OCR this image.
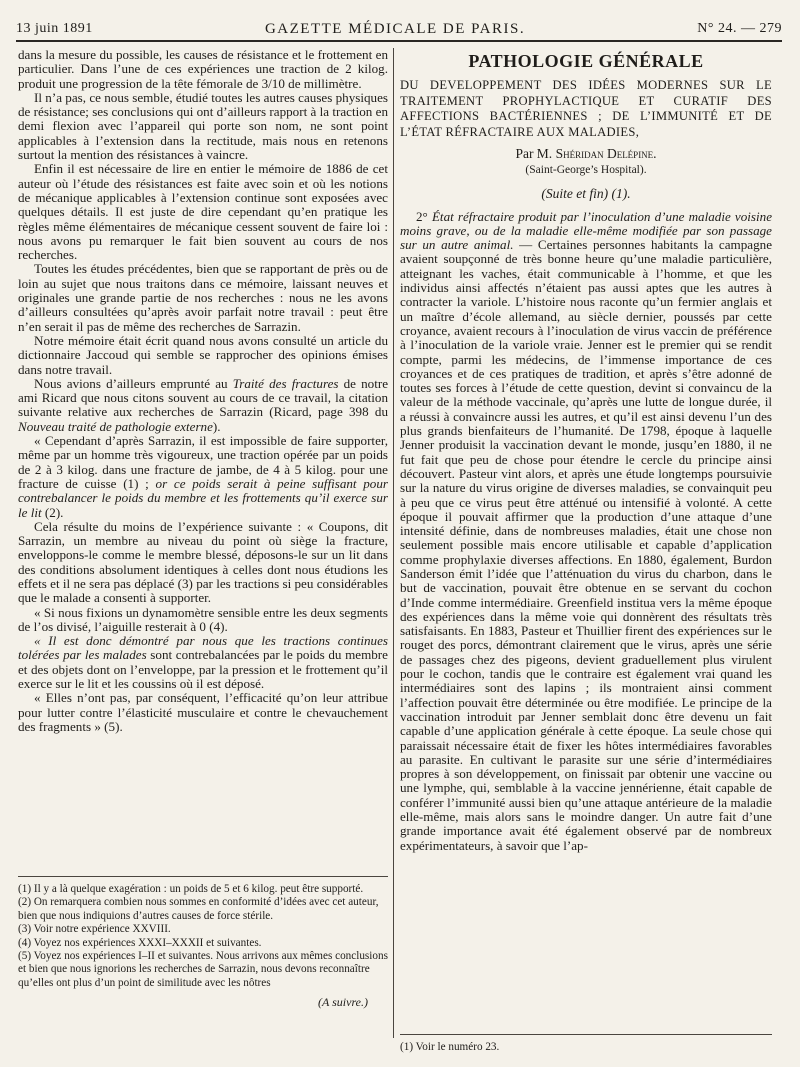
13 juin 1891	GAZETTE MÉDICALE DE PARIS.	N° 24. — 279

dans la mesure du possible, les causes de résistance et le frottement en particulier. Dans l’une de ces expériences une traction de 2 kilog. produit une progression de la tête fémorale de 3/10 de millimètre.

Il n’a pas, ce nous semble, étudié toutes les autres causes physiques de résistance; ses conclusions qui ont d’ailleurs rapport à la traction en demi flexion avec l’appareil qui porte son nom, ne sont point applicables à l’extension dans la rectitude, mais nous en retenons surtout la mention des résistances à vaincre.

Enfin il est nécessaire de lire en entier le mémoire de 1886 de cet auteur où l’étude des résistances est faite avec soin et où les notions de mécanique applicables à l’extension continue sont exposées avec quelques détails. Il est juste de dire cependant qu’en pratique les règles même élémentaires de mécanique cessent souvent de faire loi : nous avons pu remarquer le fait bien souvent au cours de nos recherches.

Toutes les études précédentes, bien que se rapportant de près ou de loin au sujet que nous traitons dans ce mémoire, laissant neuves et originales une grande partie de nos recherches : nous ne les avons d’ailleurs consultées qu’après avoir parfait notre travail : peut être n’en serait il pas de même des recherches de Sarrazin.

Notre mémoire était écrit quand nous avons consulté un article du dictionnaire Jaccoud qui semble se rapprocher des opinions émises dans notre travail.

Nous avions d’ailleurs emprunté au Traité des fractures de notre ami Ricard que nous citons souvent au cours de ce travail, la citation suivante relative aux recherches de Sarrazin (Ricard, page 398 du Nouveau traité de pathologie externe).

« Cependant d’après Sarrazin, il est impossible de faire supporter, même par un homme très vigoureux, une traction opérée par un poids de 2 à 3 kilog. dans une fracture de jambe, de 4 à 5 kilog. pour une fracture de cuisse (1) ; or ce poids serait à peine suffisant pour contrebalancer le poids du membre et les frottements qu’il exerce sur le lit (2).

Cela résulte du moins de l’expérience suivante : « Coupons, dit Sarrazin, un membre au niveau du point où siège la fracture, enveloppons-le comme le membre blessé, déposons-le sur un lit dans des conditions absolument identiques à celles dont nous étudions les effets et il ne sera pas déplacé (3) par les tractions si peu considérables que le malade a consenti à supporter.

« Si nous fixions un dynamomètre sensible entre les deux segments de l’os divisé, l’aiguille resterait à 0 (4).

« Il est donc démontré par nous que les tractions continues tolérées par les malades sont contrebalancées par le poids du membre et des objets dont on l’enveloppe, par la pression et le frottement qu’il exerce sur le lit et les coussins où il est déposé.

« Elles n’ont pas, par conséquent, l’efficacité qu’on leur attribue pour lutter contre l’élasticité musculaire et contre le chevauchement des fragments » (5).

(1) Il y a là quelque exagération : un poids de 5 et 6 kilog. peut être supporté.

(2) On remarquera combien nous sommes en conformité d’idées avec cet auteur, bien que nous indiquions d’autres causes de force stérile.

(3) Voir notre expérience XXVIII.

(4) Voyez nos expériences XXXI–XXXII et suivantes.

(5) Voyez nos expériences I–II et suivantes. Nous arrivons aux mêmes conclusions et bien que nous ignorions les recherches de Sarrazin, nous devons reconnaître qu’elles ont plus d’un point de similitude avec les nôtres

(A suivre.)
PATHOLOGIE GÉNÉRALE

DU DEVELOPPEMENT DES IDÉES MODERNES SUR LE TRAITEMENT PROPHYLACTIQUE ET CURATIF DES AFFECTIONS BACTÉRIENNES ; DE L’IMMUNITÉ ET DE L’ÉTAT RÉFRACTAIRE AUX MALADIES,

Par M. Shéridan Delépine.
(Saint-George’s Hospital).
(Suite et fin) (1).

2° État réfractaire produit par l’inoculation d’une maladie voisine moins grave, ou de la maladie elle-même modifiée par son passage sur un autre animal. — Certaines personnes habitants la campagne avaient soupçonné de très bonne heure qu’une maladie particulière, atteignant les vaches, était communicable à l’homme, et que les individus ainsi affectés n’étaient pas aussi aptes que les autres à contracter la variole. L’histoire nous raconte qu’un fermier anglais et un maître d’école allemand, au siècle dernier, poussés par cette croyance, avaient recours à l’inoculation de virus vaccin de préférence à l’inoculation de la variole vraie. Jenner est le premier qui se rendit compte, parmi les médecins, de l’immense importance de ces croyances et de ces pratiques de tradition, et après s’être adonné de toutes ses forces à l’étude de cette question, devint si convaincu de la valeur de la méthode vaccinale, qu’après une lutte de longue durée, il a réussi à convaincre aussi les autres, et qu’il est ainsi devenu l’un des plus grands bienfaiteurs de l’humanité. De 1798, époque à laquelle Jenner produisit la vaccination devant le monde, jusqu’en 1880, il ne fut fait que peu de chose pour étendre le cercle du principe ainsi découvert. Pasteur vint alors, et après une étude longtemps poursuivie sur la nature du virus origine de diverses maladies, se convainquit peu à peu que ce virus peut être atténué ou intensifié à volonté. A cette époque il pouvait affirmer que la production d’une attaque d’une intensité définie, dans de nombreuses maladies, était une chose non seulement possible mais encore utilisable et capable d’application comme prophylaxie diverses affections. En 1880, également, Burdon Sanderson émit l’idée que l’atténuation du virus du charbon, dans le but de vaccination, pouvait être obtenue en se servant du cochon d’Inde comme intermédiaire. Greenfield institua vers la même époque des expériences dans la même voie qui donnèrent des résultats très satisfaisants. En 1883, Pasteur et Thuillier firent des expériences sur le rouget des porcs, démontrant clairement que le virus, après une série de passages chez des pigeons, devient graduellement plus virulent pour le cochon, tandis que le contraire est également vrai quand les intermédiaires sont des lapins ; ils montraient ainsi comment l’affection pouvait être déterminée ou être modifiée. Le principe de la vaccination introduit par Jenner semblait donc être devenu un fait capable d’une application générale à cette époque. La seule chose qui paraissait nécessaire était de fixer les hôtes intermédiaires favorables au parasite. En cultivant le parasite sur une série d’intermédiaires propres à son développement, on finissait par obtenir une vaccine ou une lymphe, qui, semblable à la vaccine jennérienne, était capable de conférer l’immunité aussi bien qu’une attaque antérieure de la maladie elle-même, mais alors sans le moindre danger. Un autre fait d’une grande importance avait été également observé par de nombreux expérimentateurs, à savoir que l’ap-

(1) Voir le numéro 23.
